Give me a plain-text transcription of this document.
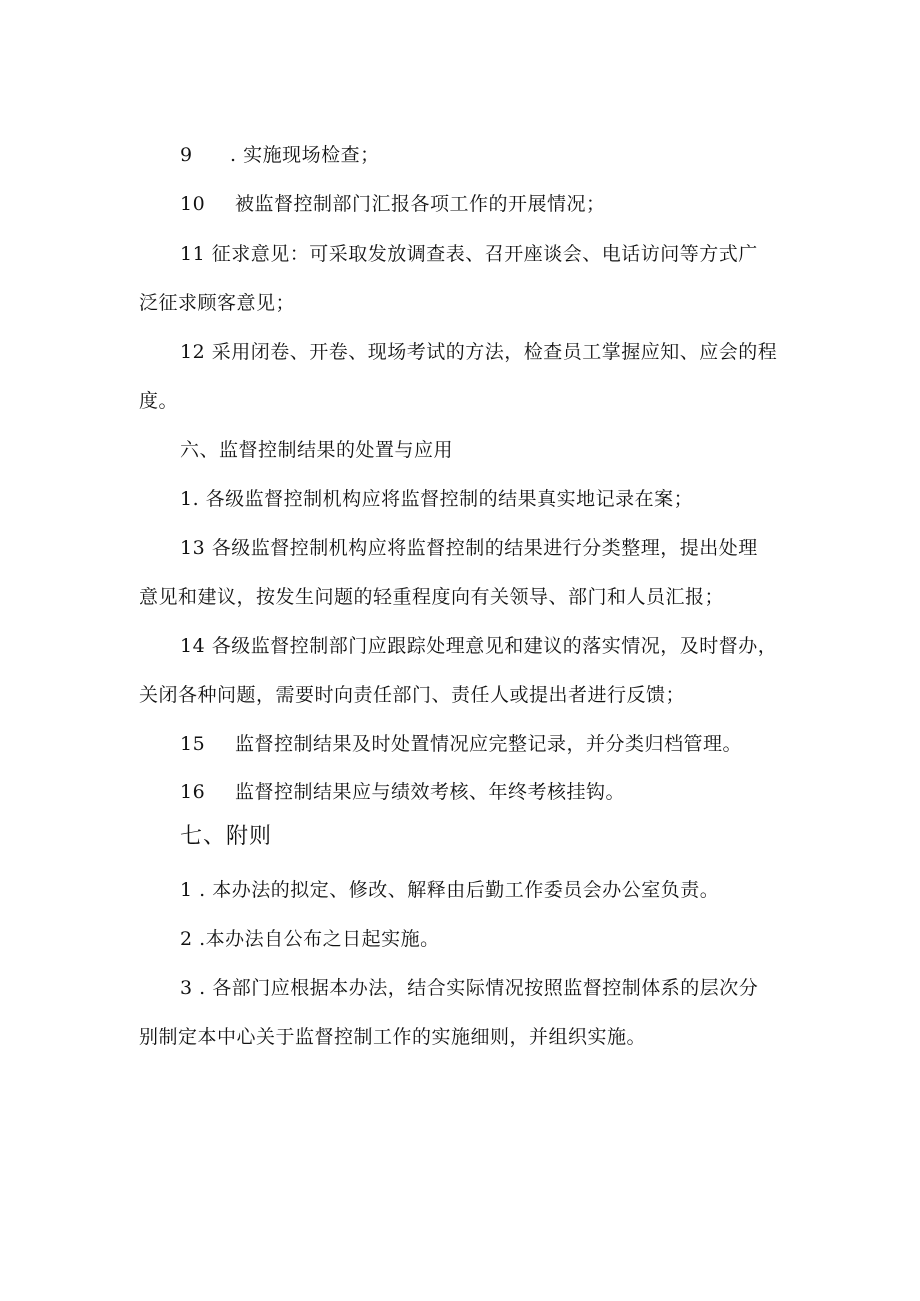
9 . 实施现场检查；
10 被监督控制部门汇报各项工作的开展情况；
11 征求意见：可采取发放调查表、召开座谈会、电话访问等方式广
泛征求顾客意见；
12 采用闭卷、开卷、现场考试的方法，检查员工掌握应知、应会的程
度。
六、监督控制结果的处置与应用
1. 各级监督控制机构应将监督控制的结果真实地记录在案；
13 各级监督控制机构应将监督控制的结果进行分类整理，提出处理
意见和建议，按发生问题的轻重程度向有关领导、部门和人员汇报；
14 各级监督控制部门应跟踪处理意见和建议的落实情况，及时督办，
关闭各种问题，需要时向责任部门、责任人或提出者进行反馈；
15 监督控制结果及时处置情况应完整记录，并分类归档管理。
16 监督控制结果应与绩效考核、年终考核挂钩。
七、附则
1 . 本办法的拟定、修改、解释由后勤工作委员会办公室负责。
2 .本办法自公布之日起实施。
3 . 各部门应根据本办法，结合实际情况按照监督控制体系的层次分
别制定本中心关于监督控制工作的实施细则，并组织实施。
